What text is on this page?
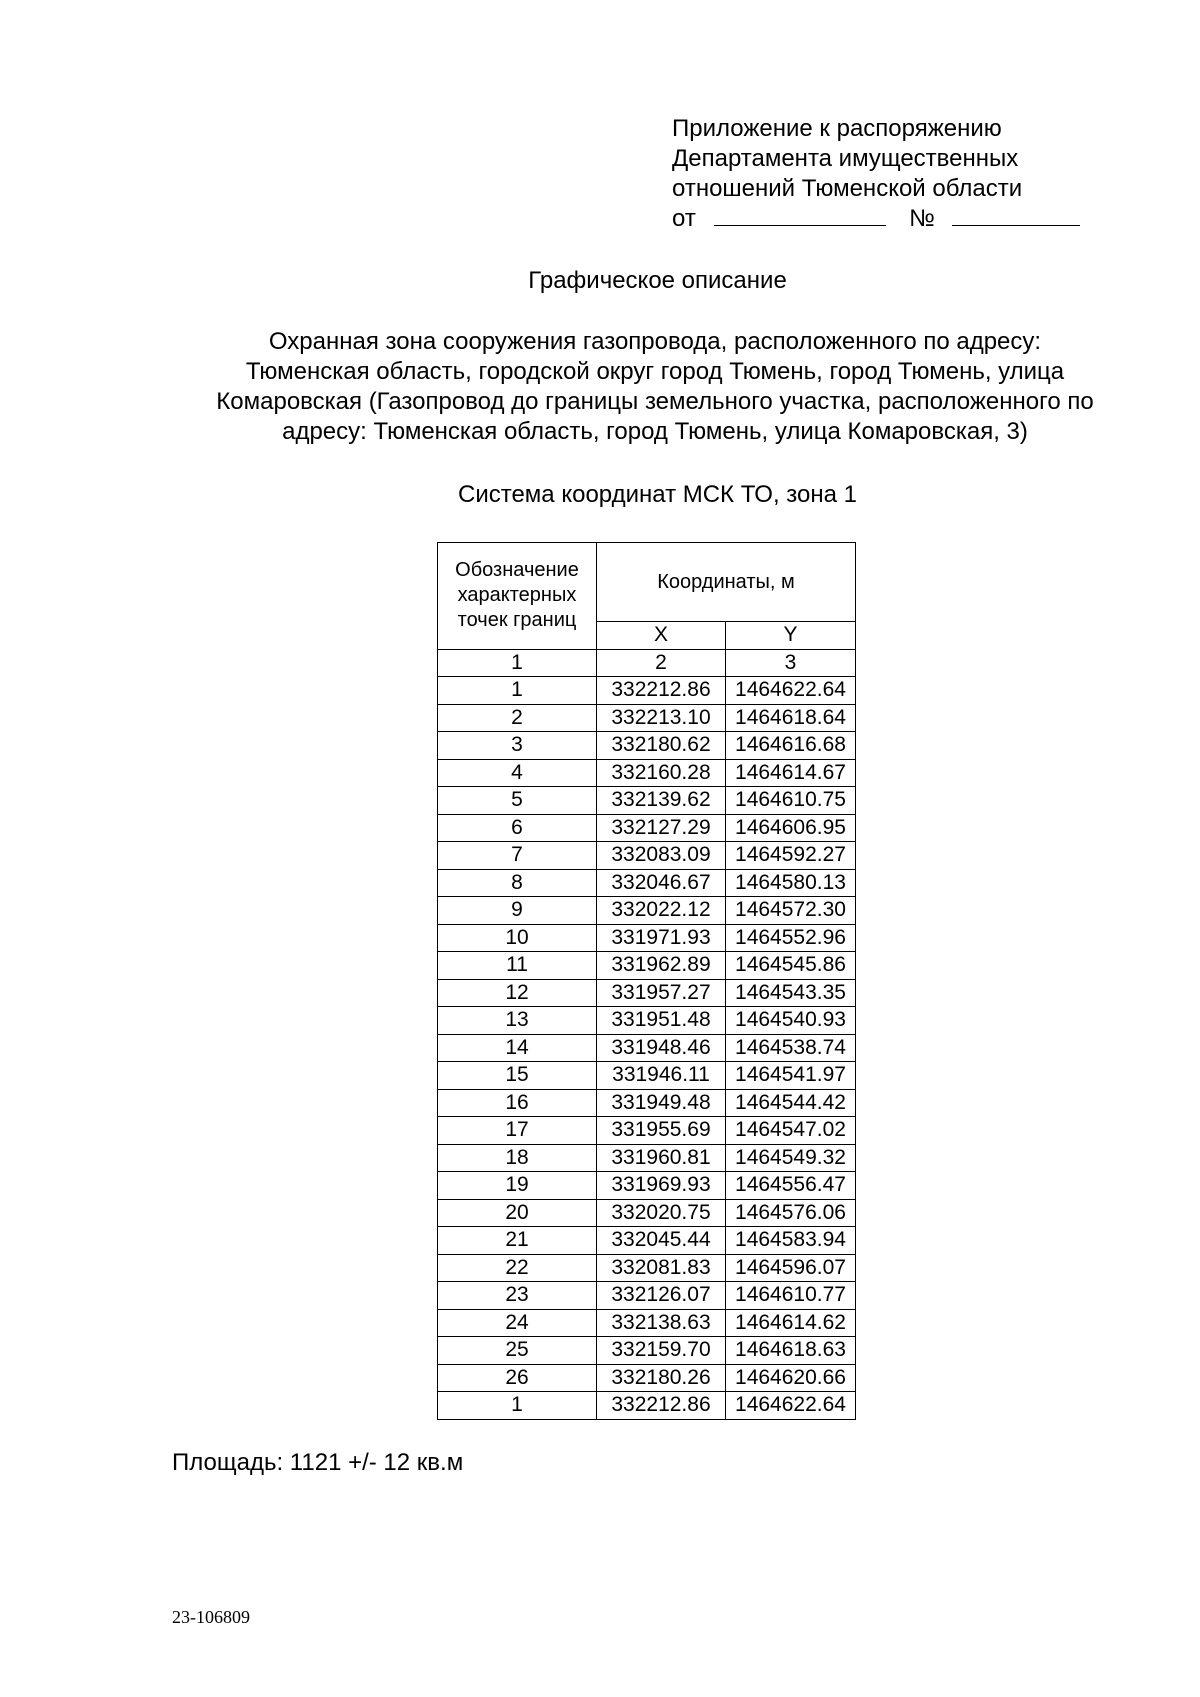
Приложение к распоряжению
Департамента имущественных
отношений Тюменской области
от	№
Графическое описание
Охранная зона сооружения газопровода, расположенного по адресу:
Тюменская область, городской округ город Тюмень, город Тюмень, улица
Комаровская (Газопровод до границы земельного участка, расположенного по
адресу: Тюменская область, город Тюмень, улица Комаровская, 3)
Система координат МСК ТО, зона 1
Обозначение
характерных
точек границ	Координаты, м	
	X	Y
1	2	3
1	332212.86	1464622.64
2	332213.10	1464618.64
3	332180.62	1464616.68
4	332160.28	1464614.67
5	332139.62	1464610.75
6	332127.29	1464606.95
7	332083.09	1464592.27
8	332046.67	1464580.13
9	332022.12	1464572.30
10	331971.93	1464552.96
11	331962.89	1464545.86
12	331957.27	1464543.35
13	331951.48	1464540.93
14	331948.46	1464538.74
15	331946.11	1464541.97
16	331949.48	1464544.42
17	331955.69	1464547.02
18	331960.81	1464549.32
19	331969.93	1464556.47
20	332020.75	1464576.06
21	332045.44	1464583.94
22	332081.83	1464596.07
23	332126.07	1464610.77
24	332138.63	1464614.62
25	332159.70	1464618.63
26	332180.26	1464620.66
1	332212.86	1464622.64
Площадь: 1121 +/- 12 кв.м
23-106809
